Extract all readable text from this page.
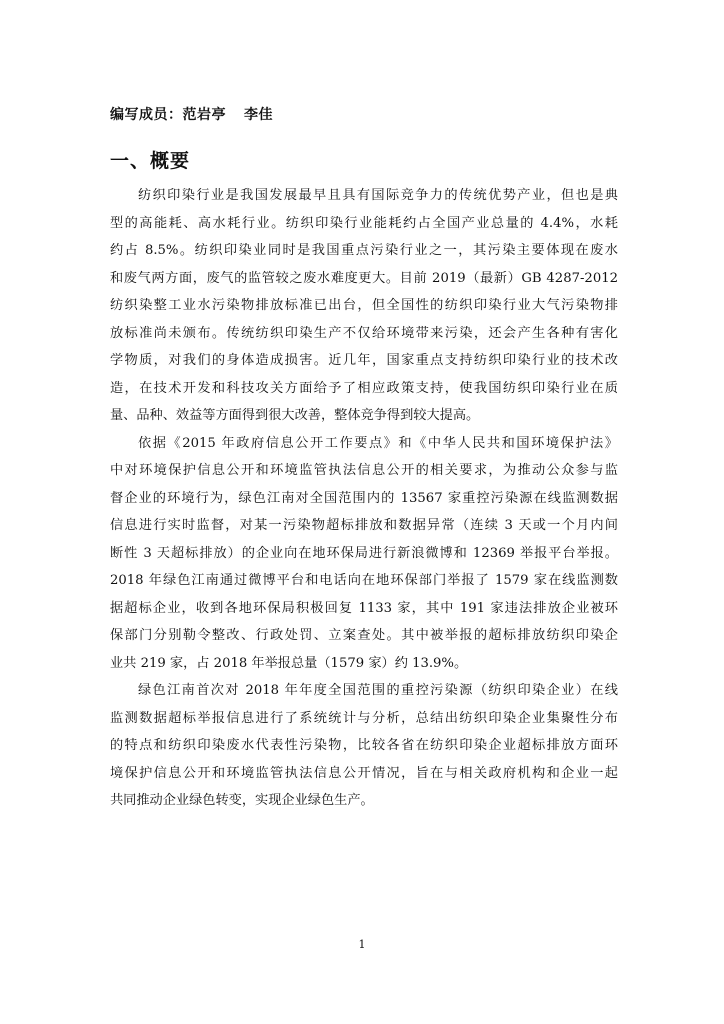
编写成员：范岩亭 李佳
一、概要
纺织印染行业是我国发展最早且具有国际竞争力的传统优势产业，但也是典
型的高能耗、高水耗行业。纺织印染行业能耗约占全国产业总量的 4.4%，水耗
约占 8.5%。纺织印染业同时是我国重点污染行业之一，其污染主要体现在废水
和废气两方面，废气的监管较之废水难度更大。目前 2019（最新）GB 4287-2012
纺织染整工业水污染物排放标准已出台，但全国性的纺织印染行业大气污染物排
放标准尚未颁布。传统纺织印染生产不仅给环境带来污染，还会产生各种有害化
学物质，对我们的身体造成损害。近几年，国家重点支持纺织印染行业的技术改
造，在技术开发和科技攻关方面给予了相应政策支持，使我国纺织印染行业在质
量、品种、效益等方面得到很大改善，整体竞争得到较大提高。
依据《2015 年政府信息公开工作要点》和《中华人民共和国环境保护法》
中对环境保护信息公开和环境监管执法信息公开的相关要求，为推动公众参与监
督企业的环境行为，绿色江南对全国范围内的 13567 家重控污染源在线监测数据
信息进行实时监督，对某一污染物超标排放和数据异常（连续 3 天或一个月内间
断性 3 天超标排放）的企业向在地环保局进行新浪微博和 12369 举报平台举报。
2018 年绿色江南通过微博平台和电话向在地环保部门举报了 1579 家在线监测数
据超标企业，收到各地环保局积极回复 1133 家，其中 191 家违法排放企业被环
保部门分别勒令整改、行政处罚、立案查处。其中被举报的超标排放纺织印染企
业共 219 家，占 2018 年举报总量（1579 家）约 13.9%。
绿色江南首次对 2018 年年度全国范围的重控污染源（纺织印染企业）在线
监测数据超标举报信息进行了系统统计与分析，总结出纺织印染企业集聚性分布
的特点和纺织印染废水代表性污染物，比较各省在纺织印染企业超标排放方面环
境保护信息公开和环境监管执法信息公开情况，旨在与相关政府机构和企业一起
共同推动企业绿色转变，实现企业绿色生产。
1
